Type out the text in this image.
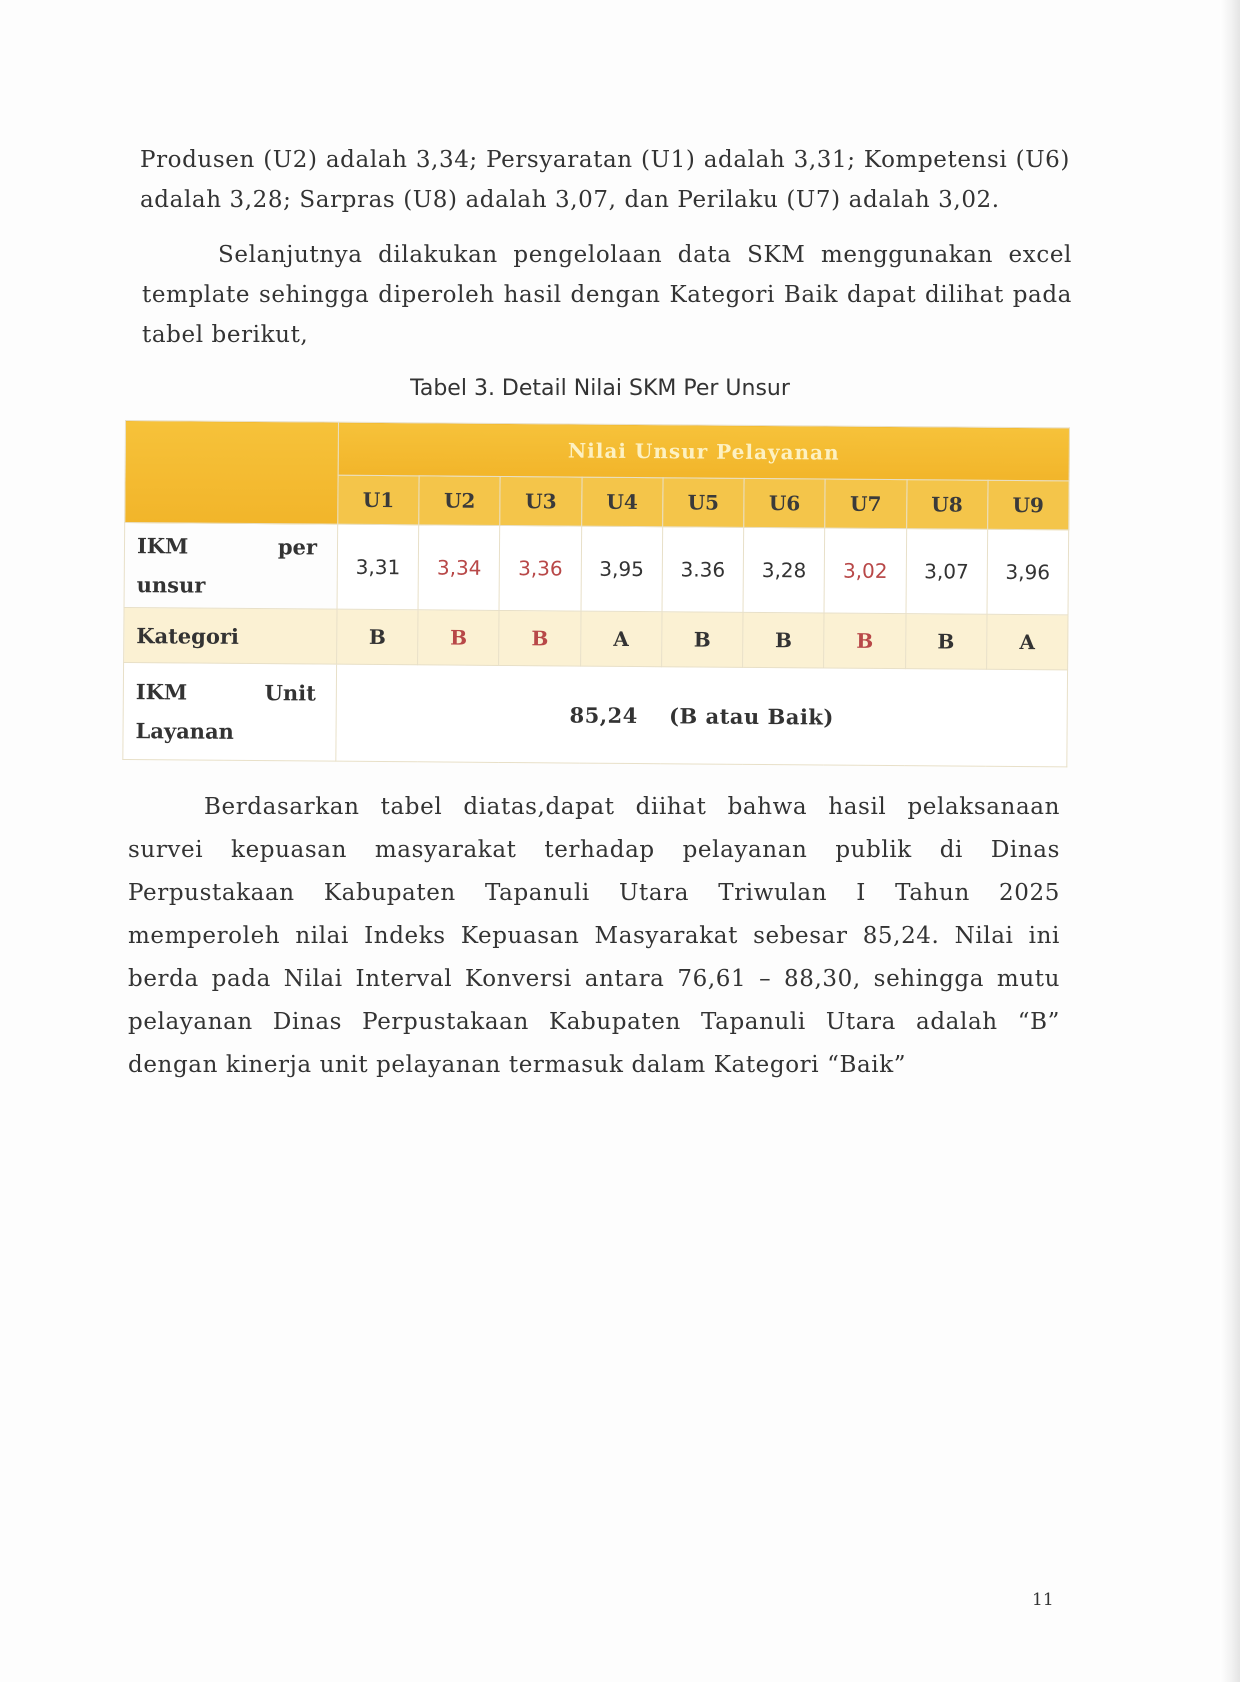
Produsen (U2) adalah 3,34; Persyaratan (U1) adalah 3,31; Kompetensi (U6) adalah 3,28; Sarpras (U8) adalah 3,07, dan Perilaku (U7) adalah 3,02.

Selanjutnya dilakukan pengelolaan data SKM menggunakan excel template sehingga diperoleh hasil dengan Kategori Baik dapat dilihat pada tabel berikut,

Tabel 3. Detail Nilai SKM Per Unsur
	Nilai Unsur Pelayanan								
	U1	U2	U3	U4	U5	U6	U7	U8	U9

IKM per
unsur	3,31	3,34	3,36	3,95	3.36	3,28	3,02	3,07	3,96
Kategori	B	B	B	A	B	B	B	B	A

IKM Unit
Layanan	85,24 (B atau Baik)								

Berdasarkan tabel diatas,dapat diihat bahwa hasil pelaksanaan survei kepuasan masyarakat terhadap pelayanan publik di Dinas Perpustakaan Kabupaten Tapanuli Utara Triwulan I Tahun 2025 memperoleh nilai Indeks Kepuasan Masyarakat sebesar 85,24. Nilai ini berda pada Nilai Interval Konversi antara 76,61 – 88,30, sehingga mutu pelayanan Dinas Perpustakaan Kabupaten Tapanuli Utara adalah “B” dengan kinerja unit pelayanan termasuk dalam Kategori “Baik”

11
